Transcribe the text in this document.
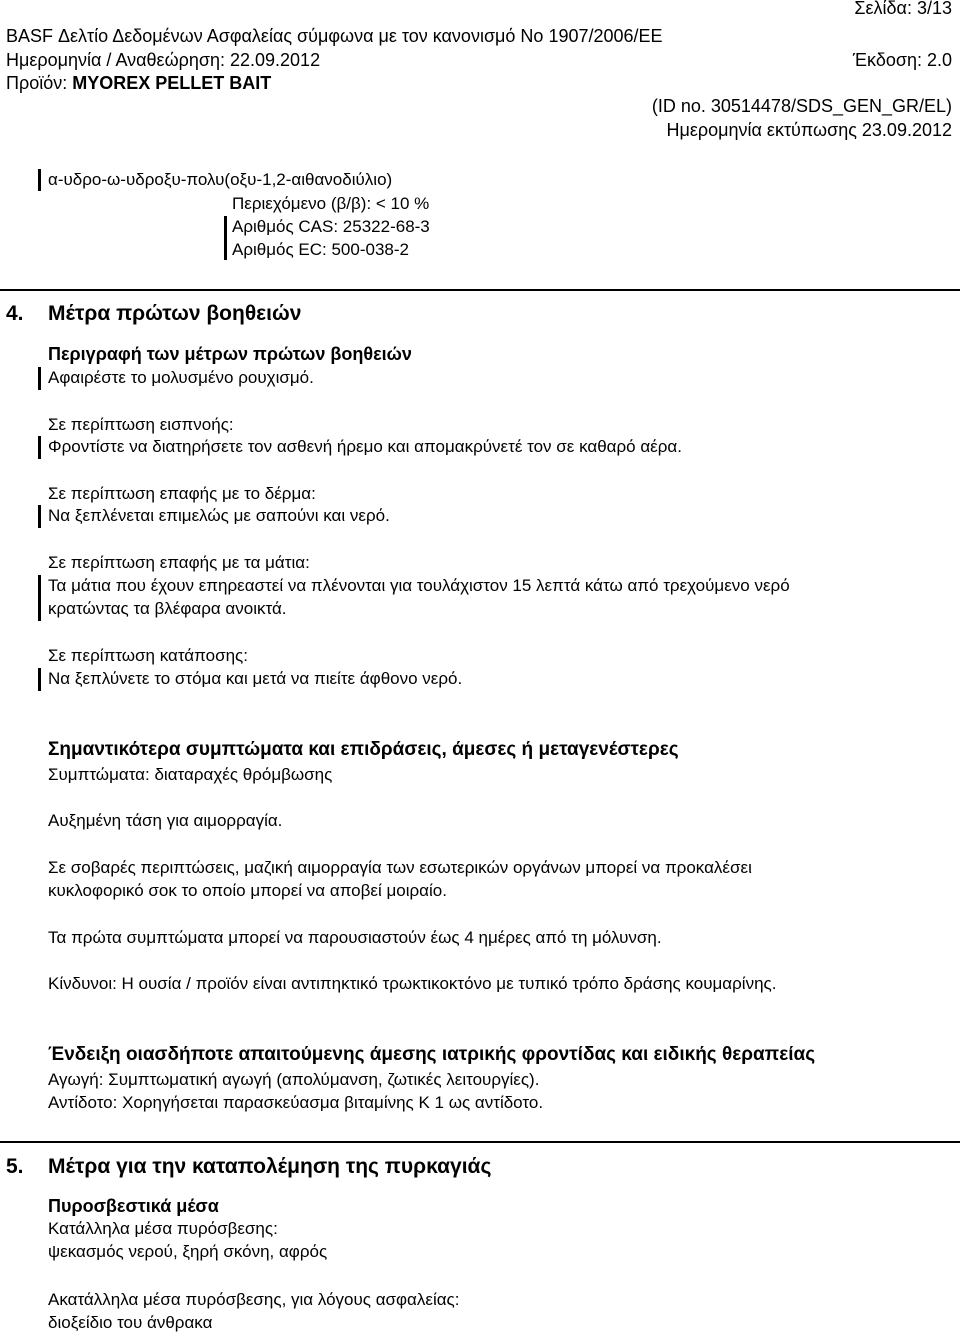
Σελίδα: 3/13
BASF Δελτίο Δεδομένων Ασφαλείας σύμφωνα με τον κανονισμό No 1907/2006/ΕΕ
Ημερομηνία / Αναθεώρηση: 22.09.2012	Έκδοση: 2.0
Προϊόν: MYOREX PELLET BAIT
(ID no. 30514478/SDS_GEN_GR/EL)
Ημερομηνία εκτύπωσης 23.09.2012
α-υδρο-ω-υδροξυ-πολυ(οξυ-1,2-αιθανοδιύλιο)
Περιεχόμενο (β/β): < 10 %
Αριθμός CAS: 25322-68-3
Αριθμός EC: 500-038-2
4. Μέτρα πρώτων βοηθειών
Περιγραφή των μέτρων πρώτων βοηθειών
Αφαιρέστε το μολυσμένο ρουχισμό.
Σε περίπτωση εισπνοής:
Φροντίστε να διατηρήσετε τον ασθενή ήρεμο και απομακρύνετέ τον σε καθαρό αέρα.
Σε περίπτωση επαφής με το δέρμα:
Να ξεπλένεται επιμελώς με σαπούνι και νερό.
Σε περίπτωση επαφής με τα μάτια:
Τα μάτια που έχουν επηρεαστεί να πλένονται για τουλάχιστον 15 λεπτά κάτω από τρεχούμενο νερό
κρατώντας τα βλέφαρα ανοικτά.
Σε περίπτωση κατάποσης:
Να ξεπλύνετε το στόμα και μετά να πιείτε άφθονο νερό.
Σημαντικότερα συμπτώματα και επιδράσεις, άμεσες ή μεταγενέστερες
Συμπτώματα: διαταραχές θρόμβωσης
Αυξημένη τάση για αιμορραγία.
Σε σοβαρές περιπτώσεις, μαζική αιμορραγία των εσωτερικών οργάνων μπορεί να προκαλέσει
κυκλοφορικό σοκ το οποίο μπορεί να αποβεί μοιραίο.
Τα πρώτα συμπτώματα μπορεί να παρουσιαστούν έως 4 ημέρες από τη μόλυνση.
Κίνδυνοι: Η ουσία / προϊόν είναι αντιπηκτικό τρωκτικοκτόνο με τυπικό τρόπο δράσης κουμαρίνης.
Ένδειξη οιασδήποτε απαιτούμενης άμεσης ιατρικής φροντίδας και ειδικής θεραπείας
Αγωγή: Συμπτωματική αγωγή (απολύμανση, ζωτικές λειτουργίες).
Αντίδοτο: Χορηγήσεται παρασκεύασμα βιταμίνης Κ 1 ως αντίδοτο.
5. Μέτρα για την καταπολέμηση της πυρκαγιάς
Πυροσβεστικά μέσα
Κατάλληλα μέσα πυρόσβεσης:
ψεκασμός νερού, ξηρή σκόνη, αφρός
Ακατάλληλα μέσα πυρόσβεσης, για λόγους ασφαλείας:
διοξείδιο του άνθρακα
